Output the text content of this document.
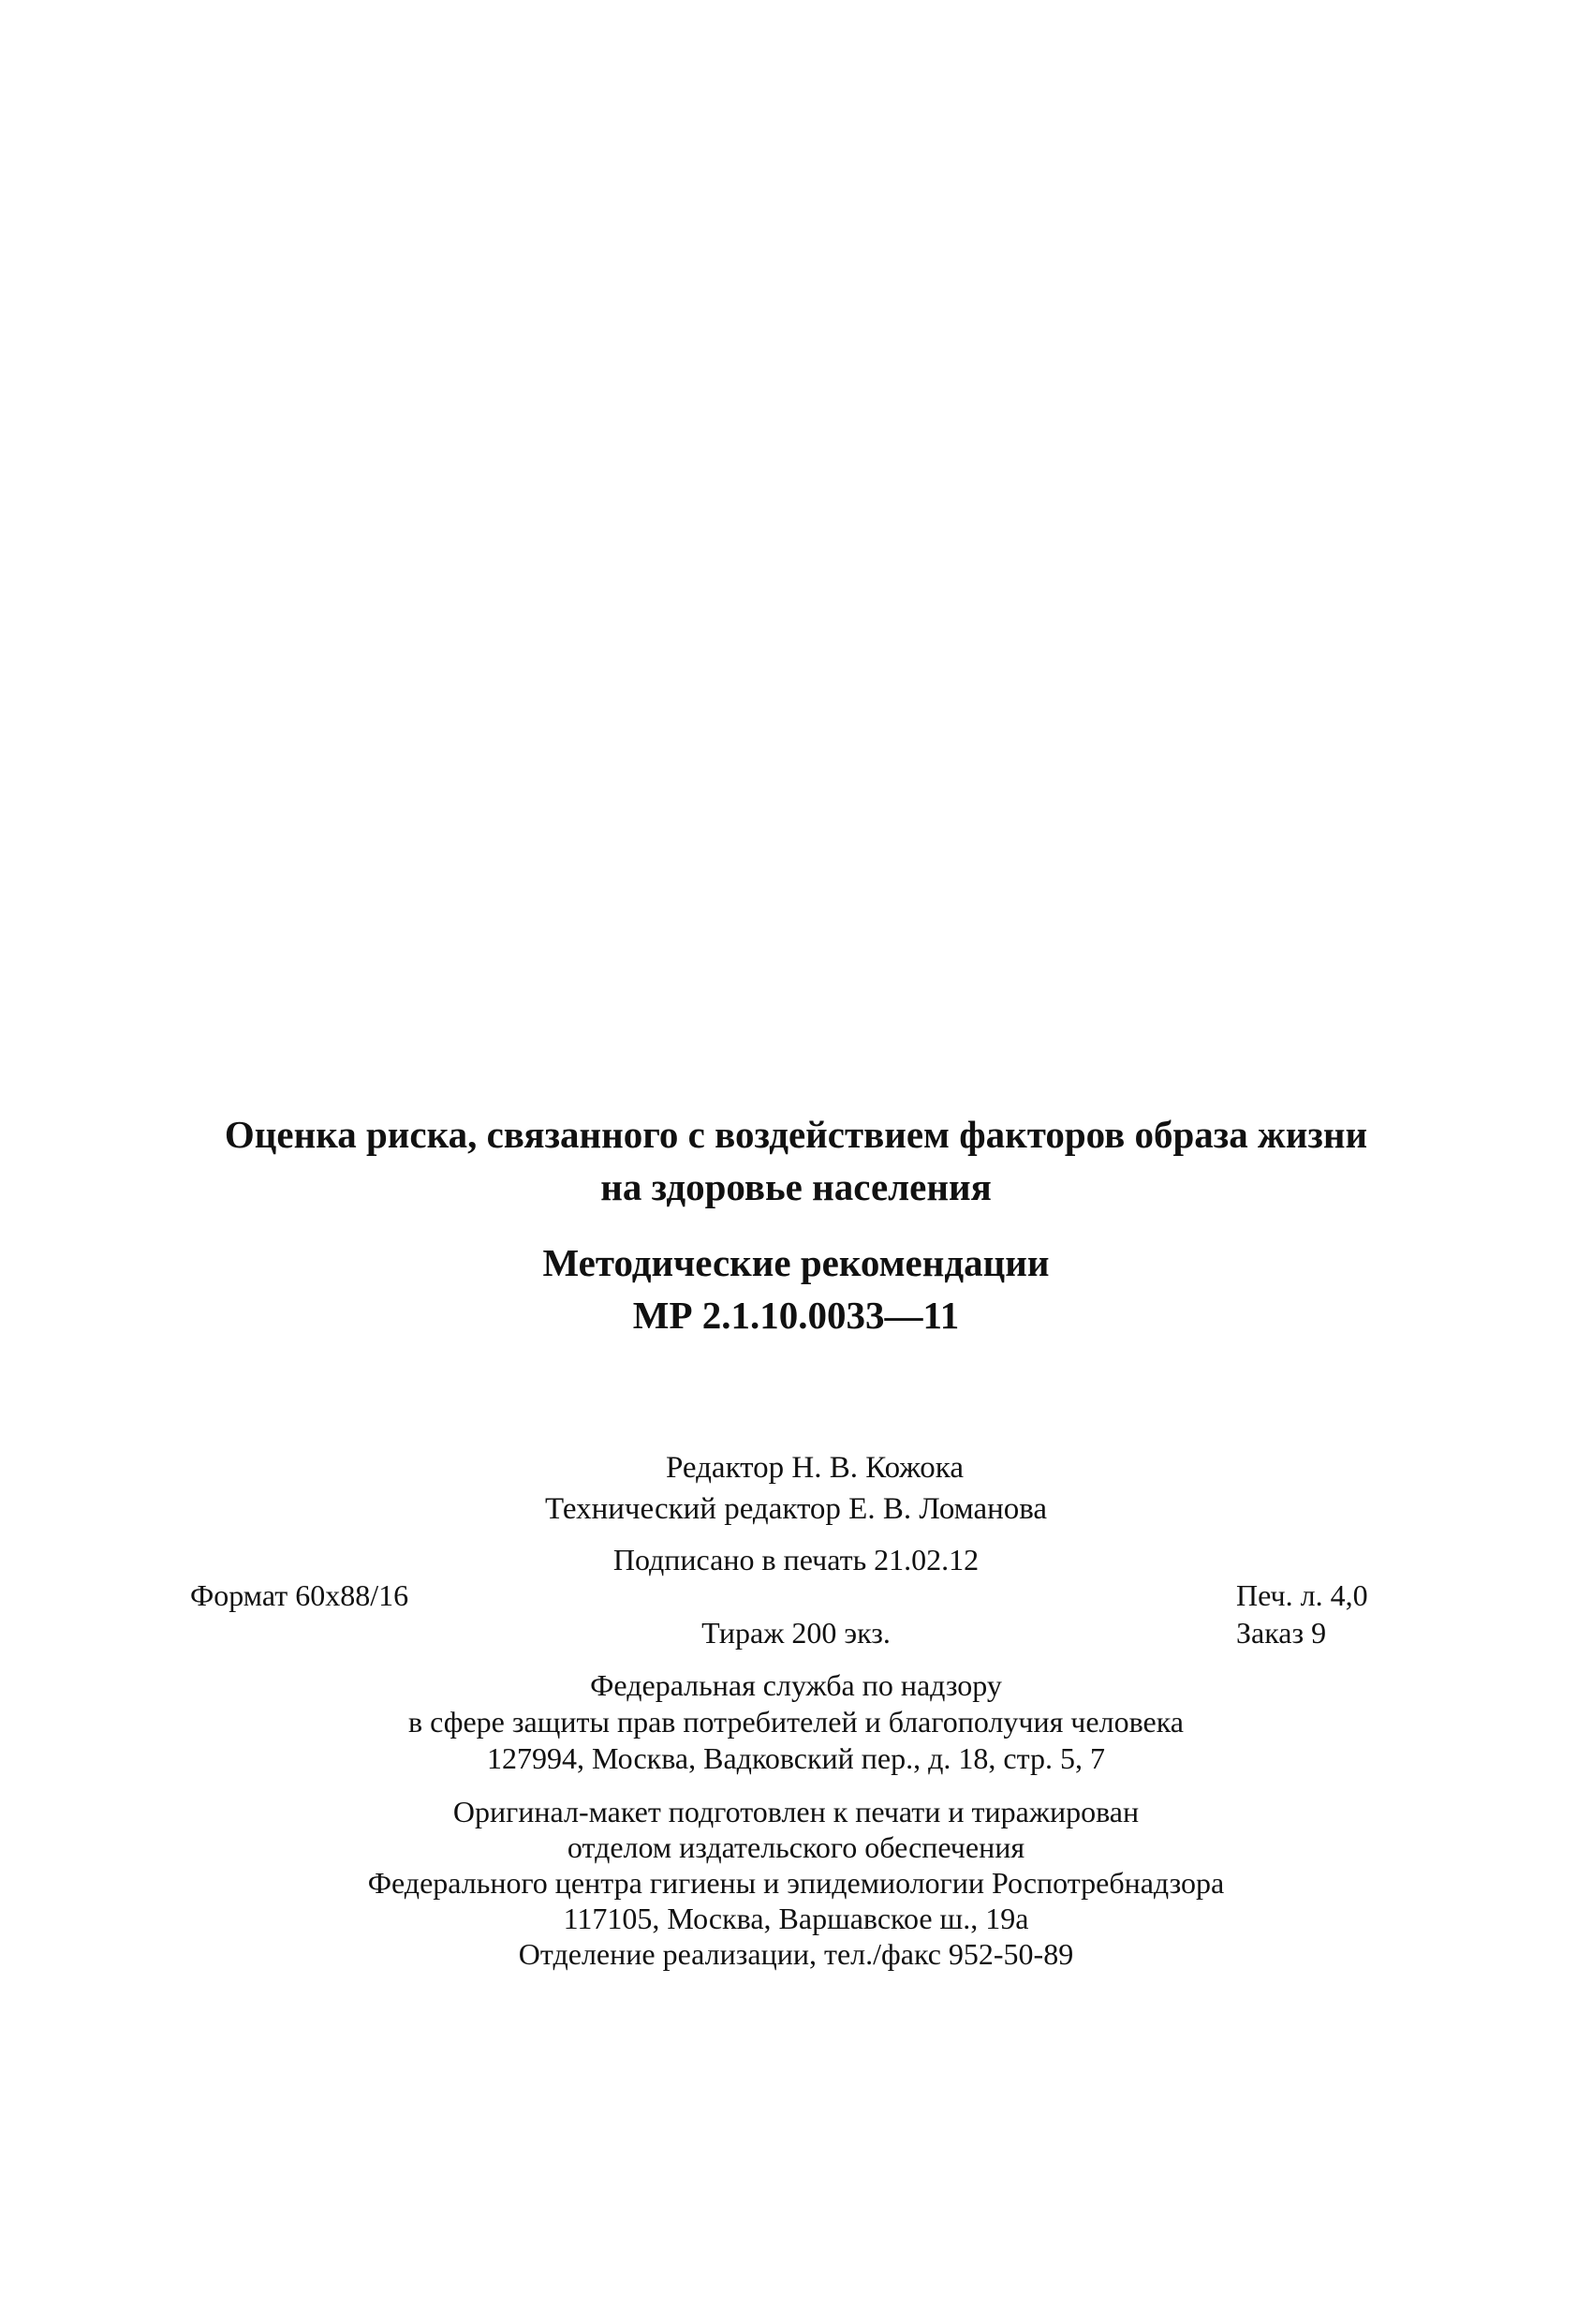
Оценка риска, связанного с воздействием факторов образа жизни
на здоровье населения
Методические рекомендации
МР 2.1.10.0033—11
Редактор Н. В. Кожока
Технический редактор Е. В. Ломанова
Подписано в печать 21.02.12
Формат 60x88/16	Печ. л. 4,0
Тираж 200 экз.	Заказ 9
Федеральная служба по надзору
в сфере защиты прав потребителей и благополучия человека
127994, Москва, Вадковский пер., д. 18, стр. 5, 7
Оригинал-макет подготовлен к печати и тиражирован
отделом издательского обеспечения
Федерального центра гигиены и эпидемиологии Роспотребнадзора
117105, Москва, Варшавское ш., 19а
Отделение реализации, тел./факс 952-50-89
